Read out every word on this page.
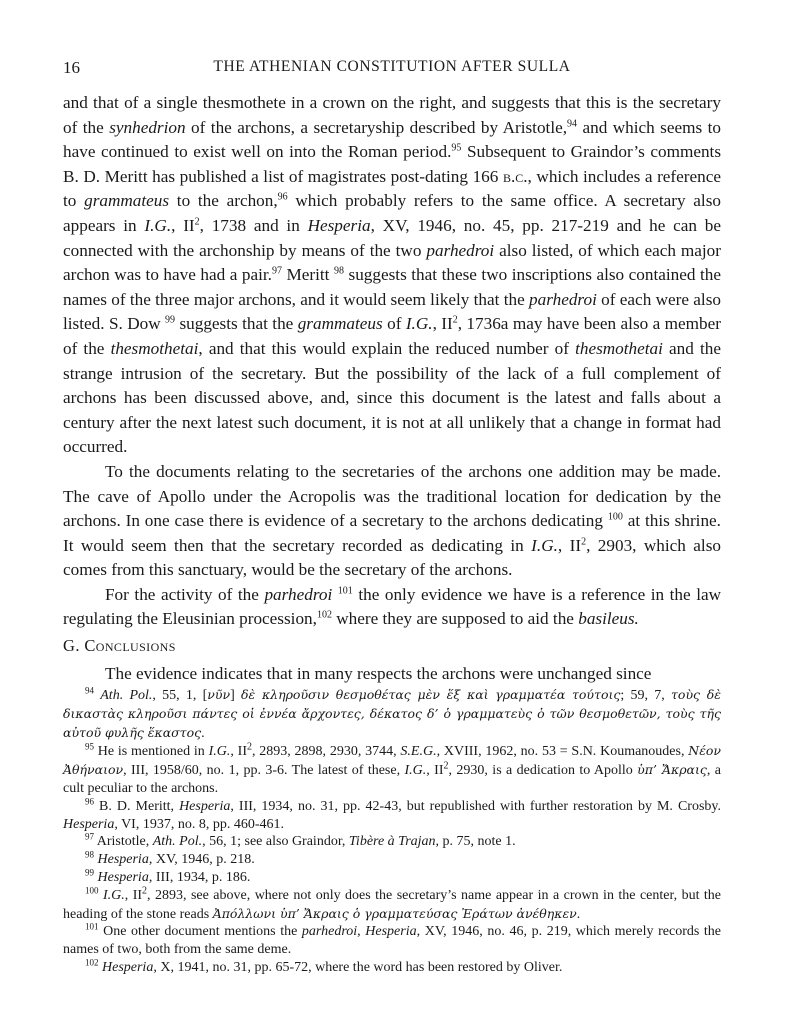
16	THE ATHENIAN CONSTITUTION AFTER SULLA

and that of a single thesmothete in a crown on the right, and suggests that this is the secretary of the synhedrion of the archons, a secretaryship described by Aristotle,$^{94}$ and which seems to have continued to exist well on into the Roman period.$^{95}$ Subsequent to Graindor’s comments B. D. Meritt has published a list of magistrates post-dating 166 b.c., which includes a reference to grammateus to the archon,$^{96}$ which probably refers to the same office. A secretary also appears in I.G., II$^2$, 1738 and in Hesperia, XV, 1946, no. 45, pp. 217-219 and he can be connected with the archonship by means of the two parhedroi also listed, of which each major archon was to have had a pair.$^{97}$ Meritt $^{98}$ suggests that these two inscriptions also contained the names of the three major archons, and it would seem likely that the parhedroi of each were also listed. S. Dow $^{99}$ suggests that the grammateus of I.G., II$^2$, 1736a may have been also a member of the thesmothetai, and that this would explain the reduced number of thesmothetai and the strange intrusion of the secretary. But the possibility of the lack of a full complement of archons has been discussed above, and, since this document is the latest and falls about a century after the next latest such document, it is not at all unlikely that a change in format had occurred.

To the documents relating to the secretaries of the archons one addition may be made. The cave of Apollo under the Acropolis was the traditional location for dedication by the archons. In one case there is evidence of a secretary to the archons dedicating $^{100}$ at this shrine. It would seem then that the secretary recorded as dedicating in I.G., II$^2$, 2903, which also comes from this sanctuary, would be the secretary of the archons.

For the activity of the parhedroi $^{101}$ the only evidence we have is a reference in the law regulating the Eleusinian procession,$^{102}$ where they are supposed to aid the basileus.

G. Conclusions
The evidence indicates that in many respects the archons were unchanged since

$^{94}$ Ath. Pol., 55, 1, [νῦν] δὲ κληροῦσιν θεσμοθέτας μὲν ἕξ καὶ γραμματέα τούτοις; 59, 7, τοὺς δὲ δικαστὰς κληροῦσι πάντες οἱ ἐννέα ἄρχοντες, δέκατος δ’ ὁ γραμματεὺς ὁ τῶν θεσμοθετῶν, τοὺς τῆς αὐτοῦ φυλῆς ἕκαστος.

$^{95}$ He is mentioned in I.G., II$^2$, 2893, 2898, 2930, 3744, S.E.G., XVIII, 1962, no. 53 = S.N. Koumanoudes, Νέον Ἀθήναιον, III, 1958/60, no. 1, pp. 3-6. The latest of these, I.G., II$^2$, 2930, is a dedication to Apollo ὑπ’ Ἄκραις, a cult peculiar to the archons.

$^{96}$ B. D. Meritt, Hesperia, III, 1934, no. 31, pp. 42-43, but republished with further restoration by M. Crosby. Hesperia, VI, 1937, no. 8, pp. 460-461.

$^{97}$ Aristotle, Ath. Pol., 56, 1; see also Graindor, Tibère à Trajan, p. 75, note 1.

$^{98}$ Hesperia, XV, 1946, p. 218.

$^{99}$ Hesperia, III, 1934, p. 186.

$^{100}$ I.G., II$^2$, 2893, see above, where not only does the secretary’s name appear in a crown in the center, but the heading of the stone reads Ἀπόλλωνι ὑπ’ Ἄκραις ὁ γραμματεύσας Ἐράτων ἀνέθηκεν.

$^{101}$ One other document mentions the parhedroi, Hesperia, XV, 1946, no. 46, p. 219, which merely records the names of two, both from the same deme.

$^{102}$ Hesperia, X, 1941, no. 31, pp. 65-72, where the word has been restored by Oliver.
